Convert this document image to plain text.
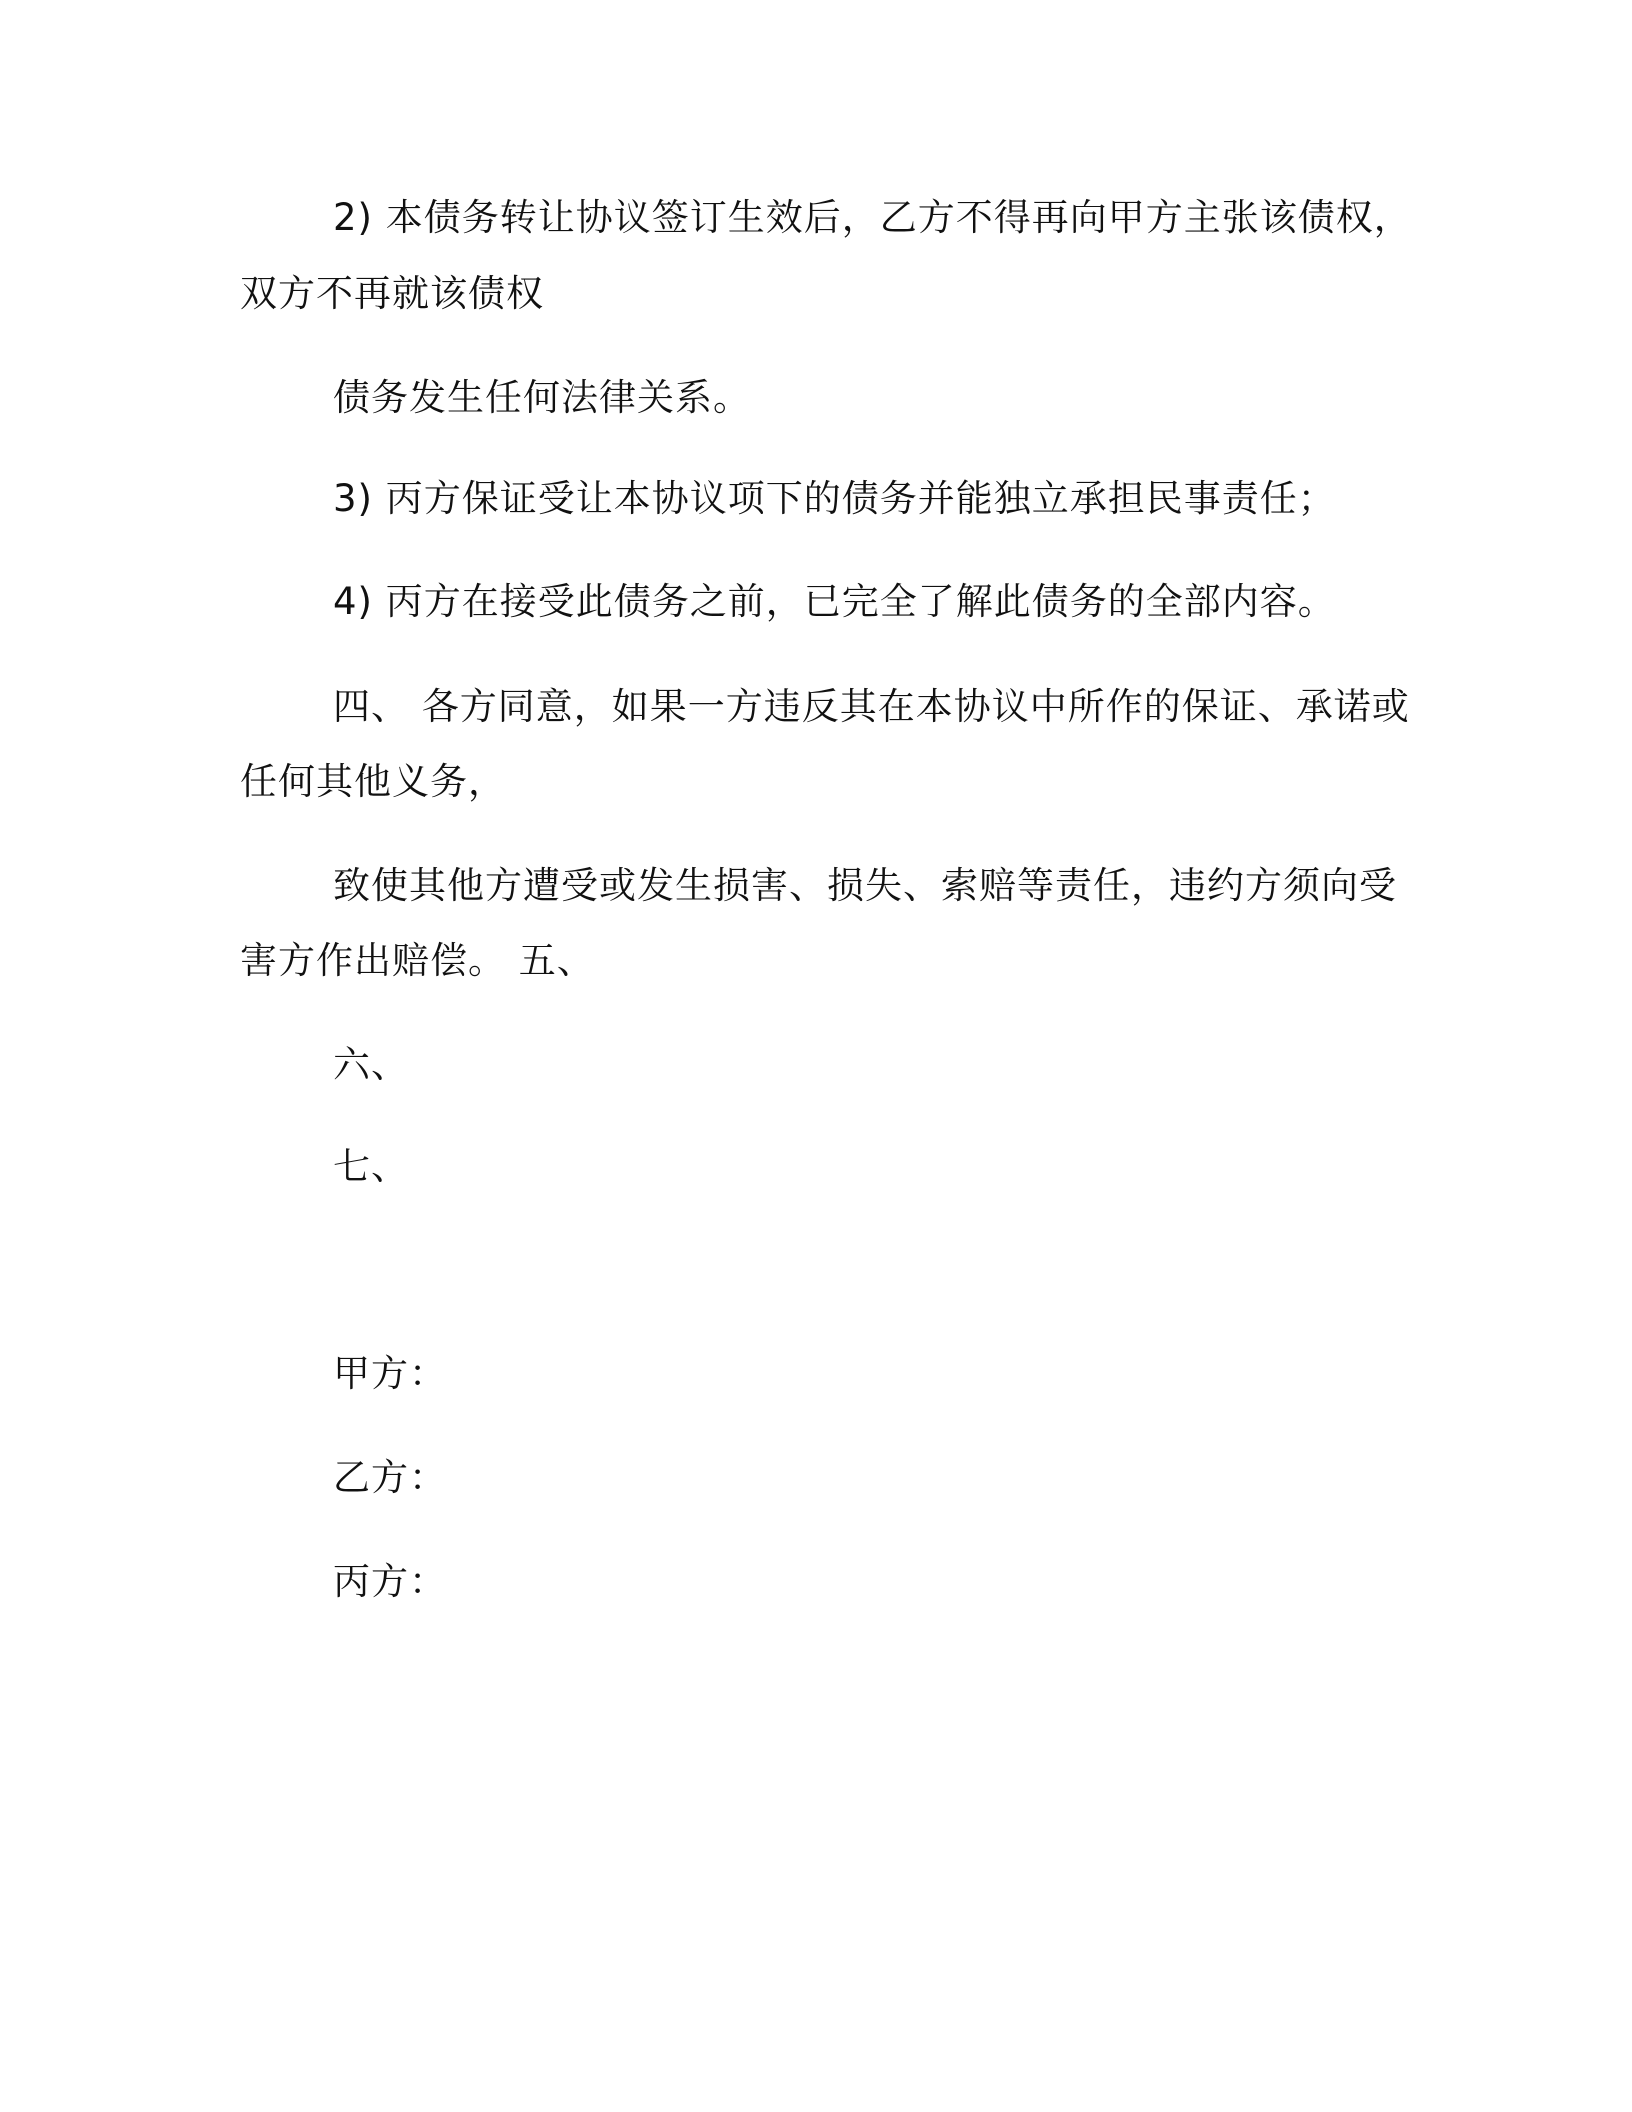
2) 本债务转让协议签订生效后，乙方不得再向甲方主张该债权，
双方不再就该债权
债务发生任何法律关系。
3) 丙方保证受让本协议项下的债务并能独立承担民事责任；
4) 丙方在接受此债务之前，已完全了解此债务的全部内容。
四、 各方同意，如果一方违反其在本协议中所作的保证、承诺或
任何其他义务，
致使其他方遭受或发生损害、损失、索赔等责任，违约方须向受
害方作出赔偿。 五、
六、
七、
甲方：
乙方：
丙方：
